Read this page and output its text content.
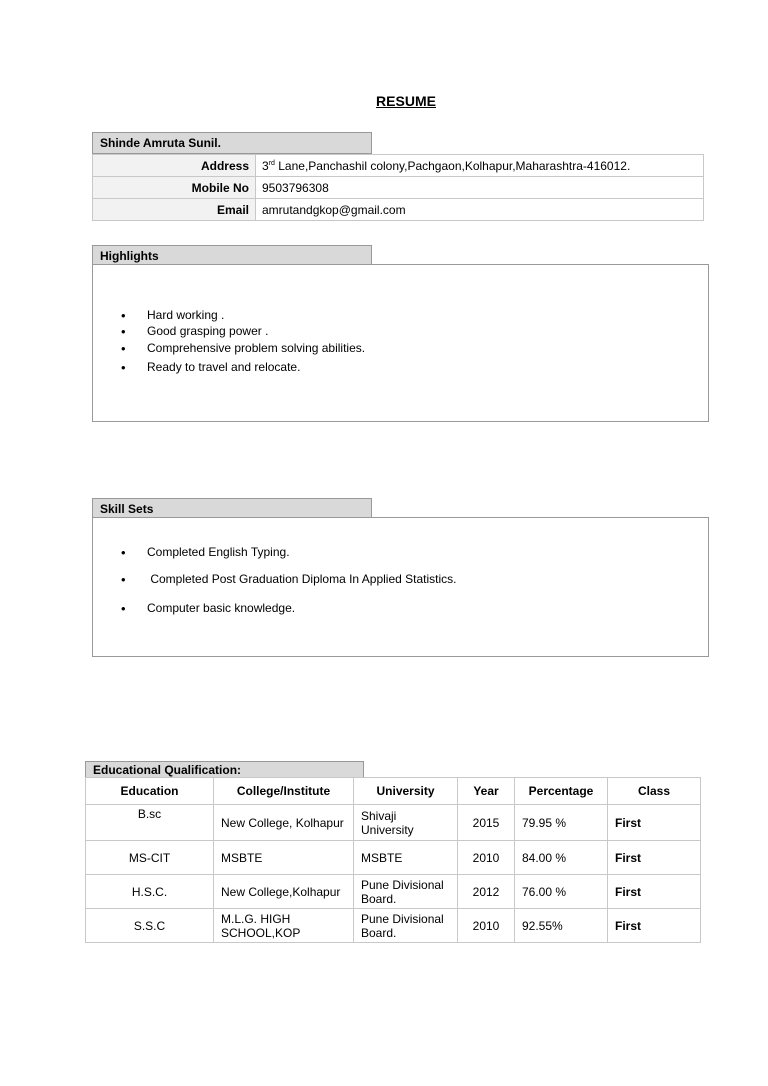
RESUME
Shinde Amruta Sunil.
Address	3rd Lane,Panchashil colony,Pachgaon,Kolhapur,Maharashtra-416012.
Mobile No	9503796308
Email	amrutandgkop@gmail.com
Highlights
• Hard working .
• Good grasping power .
• Comprehensive problem solving abilities.
• Ready to travel and relocate.
Skill Sets
• Completed English Typing.
•  Completed Post Graduation Diploma In Applied Statistics.
• Computer basic knowledge.
Educational Qualification:
Education	College/Institute	University	Year	Percentage	Class
B.sc	New College, Kolhapur	Shivaji University	2015	79.95 %	First
MS-CIT	MSBTE	MSBTE	2010	84.00 %	First
H.S.C.	New College,Kolhapur	Pune Divisional Board.	2012	76.00 %	First
S.S.C	M.L.G. HIGH SCHOOL,KOP	Pune Divisional Board.	2010	92.55%	First
